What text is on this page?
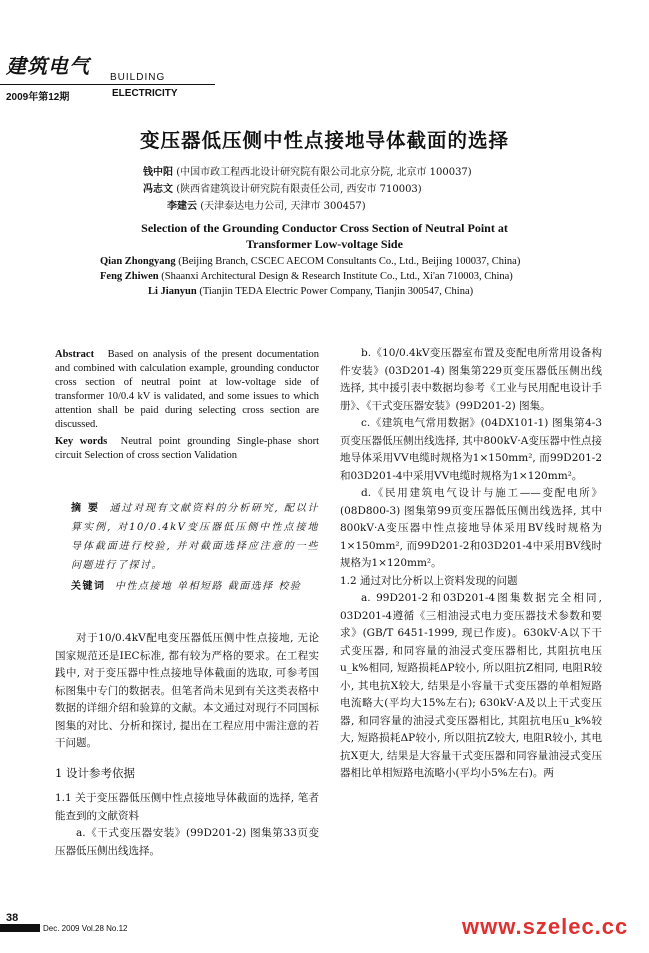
建筑电气 BUILDING
2009年第12期	ELECTRICITY
变压器低压侧中性点接地导体截面的选择
钱中阳 (中国市政工程西北设计研究院有限公司北京分院, 北京市 100037)
冯志文 (陕西省建筑设计研究院有限责任公司, 西安市 710003)
李建云 (天津泰达电力公司, 天津市 300457)
Selection of the Grounding Conductor Cross Section of Neutral Point at
Transformer Low-voltage Side
Qian Zhongyang (Beijing Branch, CSCEC AECOM Consultants Co., Ltd., Beijing 100037, China)
Feng Zhiwen (Shaanxi Architectural Design & Research Institute Co., Ltd., Xi'an 710003, China)
Li Jianyun (Tianjin TEDA Electric Power Company, Tianjin 300547, China)

Abstract Based on analysis of the present documentation and combined with calculation example, grounding conductor cross section of neutral point at low-voltage side of transformer 10/0.4 kV is validated, and some issues to which attention shall be paid during selecting cross section are discussed.

Key words Neutral point grounding Single-phase short circuit Selection of cross section Validation

摘 要 通过对现有文献资料的分析研究, 配以计算实例, 对10/0.4kV变压器低压侧中性点接地导体截面进行校验, 并对截面选择应注意的一些问题进行了探讨。

关键词 中性点接地 单相短路 截面选择 校验

对于10/0.4kV配电变压器低压侧中性点接地, 无论国家规范还是IEC标准, 都有较为严格的要求。在工程实践中, 对于变压器中性点接地导体截面的选取, 可参考国标图集中专门的数据表。但笔者尚未见到有关这类表格中数据的详细介绍和验算的文献。本文通过对现行不同国标图集的对比、分析和探讨, 提出在工程应用中需注意的若干问题。

1 设计参考依据

1.1 关于变压器低压侧中性点接地导体截面的选择, 笔者能查到的文献资料

a.《干式变压器安装》(99D201-2) 图集第33页变压器低压侧出线选择。

b.《10/0.4kV变压器室布置及变配电所常用设备构件安装》(03D201-4) 图集第229页变压器低压侧出线选择, 其中援引表中数据均参考《工业与民用配电设计手册》、《干式变压器安装》(99D201-2) 图集。

c.《建筑电气常用数据》(04DX101-1) 图集第4-3页变压器低压侧出线选择, 其中800kV·A变压器中性点接地导体采用VV电缆时规格为1×150mm², 而99D201-2和03D201-4中采用VV电缆时规格为1×120mm²。

d.《民用建筑电气设计与施工——变配电所》(08D800-3) 图集第99页变压器低压侧出线选择, 其中800kV·A变压器中性点接地导体采用BV线时规格为1×150mm², 而99D201-2和03D201-4中采用BV线时规格为1×120mm²。

1.2 通过对比分析以上资料发现的问题

a. 99D201-2和03D201-4图集数据完全相同, 03D201-4遵循《三相油浸式电力变压器技术参数和要求》(GB/T 6451-1999, 现已作废)。630kV·A以下干式变压器, 和同容量的油浸式变压器相比, 其阻抗电压u_k%相同, 短路损耗ΔP较小, 所以阻抗Z相同, 电阻R较小, 其电抗X较大, 结果是小容量干式变压器的单相短路电流略大(平均大15%左右); 630kV·A及以上干式变压器, 和同容量的油浸式变压器相比, 其阻抗电压u_k%较大, 短路损耗ΔP较小, 所以阻抗Z较大, 电阻R较小, 其电抗X更大, 结果是大容量干式变压器和同容量油浸式变压器相比单相短路电流略小(平均小5%左右)。两

38
Dec. 2009 Vol.28 No.12	www.szelec.cc
